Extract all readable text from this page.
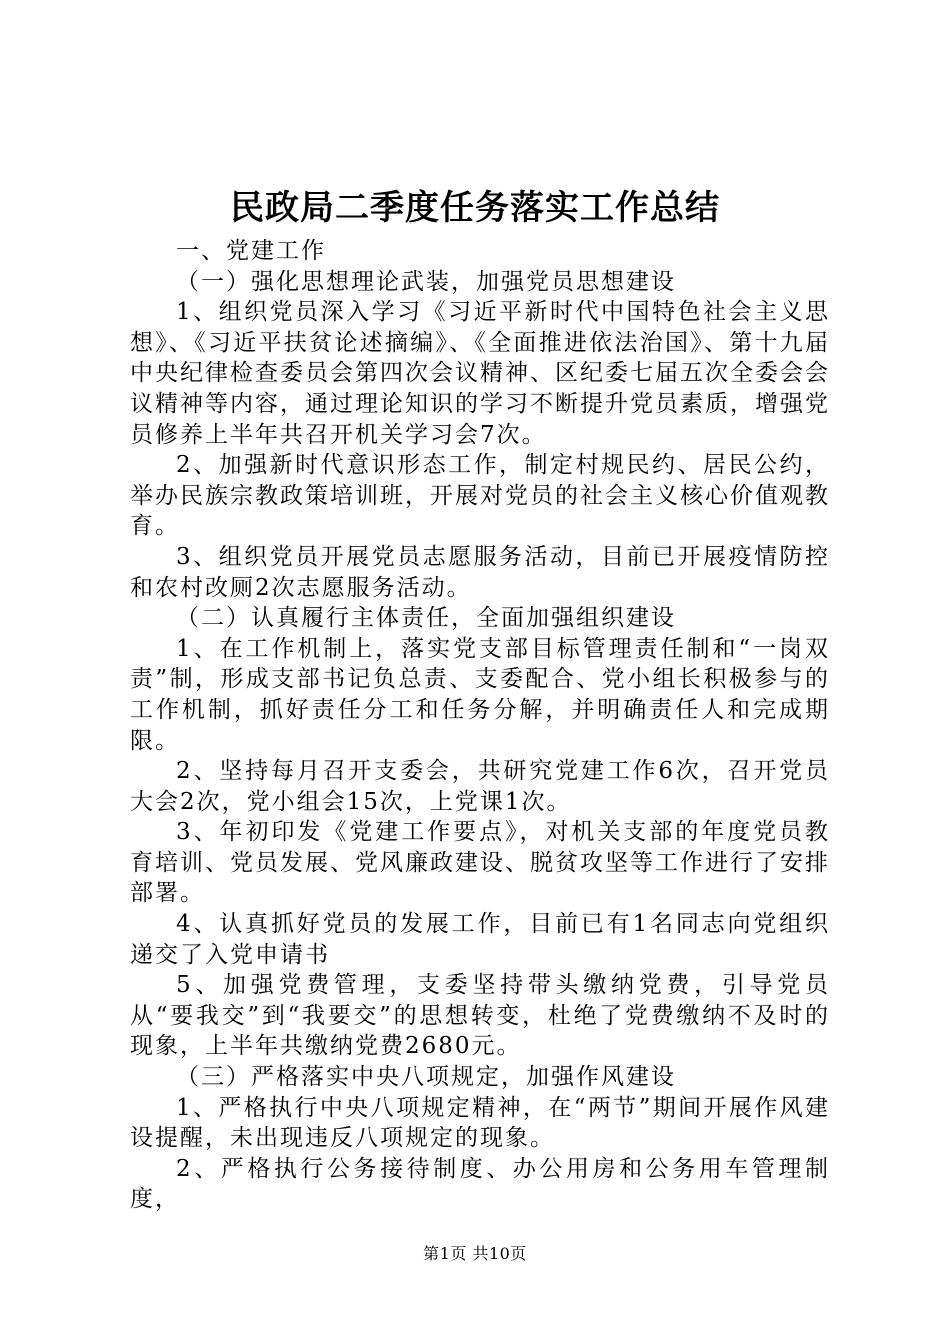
民政局二季度任务落实工作总结

一、党建工作

（一）强化思想理论武装，加强党员思想建设

1、组织党员深入学习《习近平新时代中国特色社会主义思想》、《习近平扶贫论述摘编》、《全面推进依法治国》、第十九届中央纪律检查委员会第四次会议精神、区纪委七届五次全委会会议精神等内容，通过理论知识的学习不断提升党员素质，增强党员修养上半年共召开机关学习会7次。

2、加强新时代意识形态工作，制定村规民约、居民公约，举办民族宗教政策培训班，开展对党员的社会主义核心价值观教育。

3、组织党员开展党员志愿服务活动，目前已开展疫情防控和农村改厕2次志愿服务活动。

（二）认真履行主体责任，全面加强组织建设

1、在工作机制上，落实党支部目标管理责任制和“一岗双责”制，形成支部书记负总责、支委配合、党小组长积极参与的工作机制，抓好责任分工和任务分解，并明确责任人和完成期限。

2、坚持每月召开支委会，共研究党建工作6次，召开党员大会2次，党小组会15次，上党课1次。

3、年初印发《党建工作要点》，对机关支部的年度党员教育培训、党员发展、党风廉政建设、脱贫攻坚等工作进行了安排部署。

4、认真抓好党员的发展工作，目前已有1名同志向党组织递交了入党申请书

5、加强党费管理，支委坚持带头缴纳党费，引导党员从“要我交”到“我要交”的思想转变，杜绝了党费缴纳不及时的现象，上半年共缴纳党费2680元。

（三）严格落实中央八项规定，加强作风建设

1、严格执行中央八项规定精神，在“两节”期间开展作风建设提醒，未出现违反八项规定的现象。

2、严格执行公务接待制度、办公用房和公务用车管理制度，

第1页 共10页
